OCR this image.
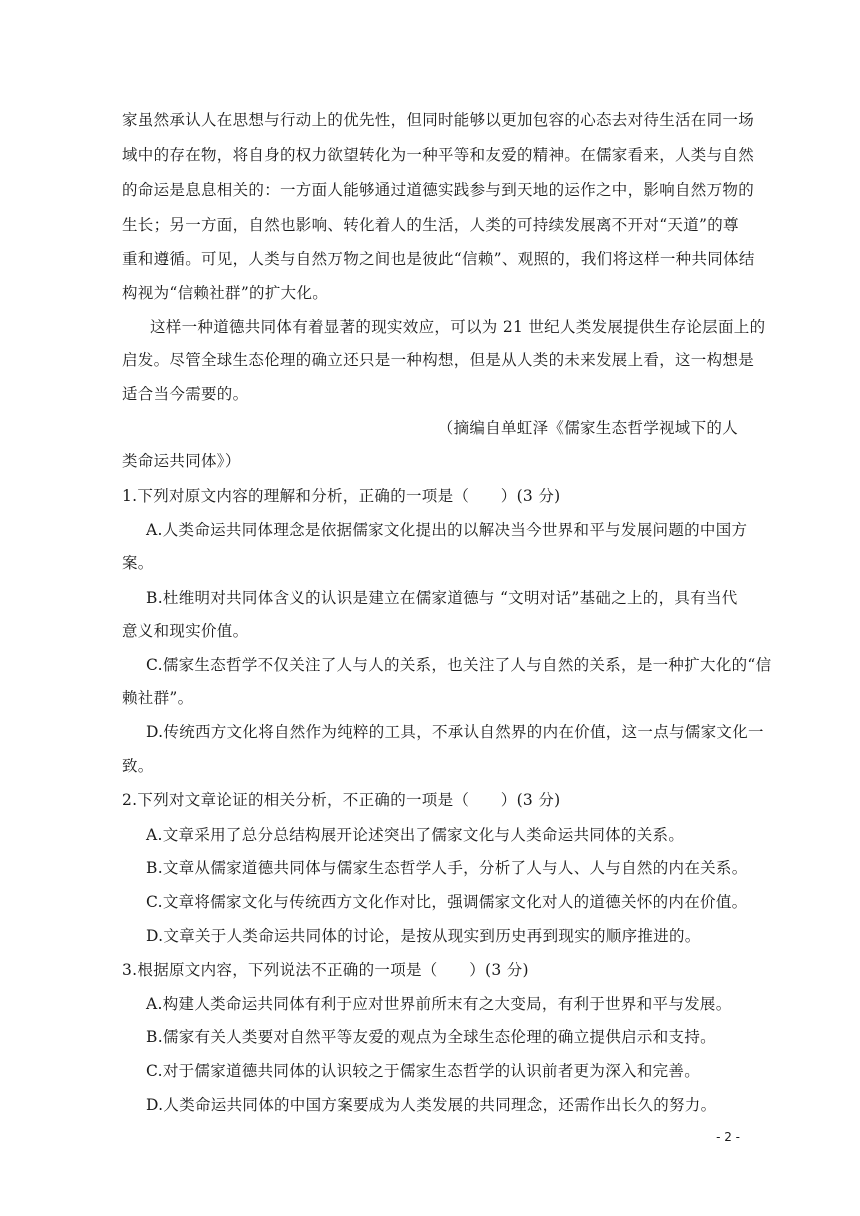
家虽然承认人在思想与行动上的优先性，但同时能够以更加包容的心态去对待生活在同一场
域中的存在物，将自身的权力欲望转化为一种平等和友爱的精神。在儒家看来，人类与自然
的命运是息息相关的：一方面人能够通过道德实践参与到天地的运作之中，影响自然万物的
生长；另一方面，自然也影响、转化着人的生活，人类的可持续发展离不开对“天道”的尊
重和遵循。可见，人类与自然万物之间也是彼此“信赖”、观照的，我们将这样一种共同体结
构视为“信赖社群”的扩大化。
这样一种道德共同体有着显著的现实效应，可以为 21 世纪人类发展提供生存论层面上的
启发。尽管全球生态伦理的确立还只是一种构想，但是从人类的未来发展上看，这一构想是
适合当今需要的。
（摘编自单虹泽《儒家生态哲学视域下的人
类命运共同体》）
1.下列对原文内容的理解和分析，正确的一项是（　　）(3 分)
A.人类命运共同体理念是依据儒家文化提出的以解决当今世界和平与发展问题的中国方
案。
B.杜维明对共同体含义的认识是建立在儒家道德与 “文明对话”基础之上的，具有当代
意义和现实价值。
C.儒家生态哲学不仅关注了人与人的关系，也关注了人与自然的关系，是一种扩大化的“信
赖社群”。
D.传统西方文化将自然作为纯粹的工具，不承认自然界的内在价值，这一点与儒家文化一
致。
2.下列对文章论证的相关分析，不正确的一项是（　　）(3 分)
A.文章采用了总分总结构展开论述突出了儒家文化与人类命运共同体的关系。
B.文章从儒家道德共同体与儒家生态哲学人手，分析了人与人、人与自然的内在关系。
C.文章将儒家文化与传统西方文化作对比，强调儒家文化对人的道德关怀的内在价值。
D.文章关于人类命运共同体的讨论，是按从现实到历史再到现实的顺序推进的。
3.根据原文内容，下列说法不正确的一项是（　　）(3 分)
A.构建人类命运共同体有利于应对世界前所末有之大变局，有利于世界和平与发展。
B.儒家有关人类要对自然平等友爱的观点为全球生态伦理的确立提供启示和支持。
C.对于儒家道德共同体的认识较之于儒家生态哲学的认识前者更为深入和完善。
D.人类命运共同体的中国方案要成为人类发展的共同理念，还需作出长久的努力。
- 2 -
